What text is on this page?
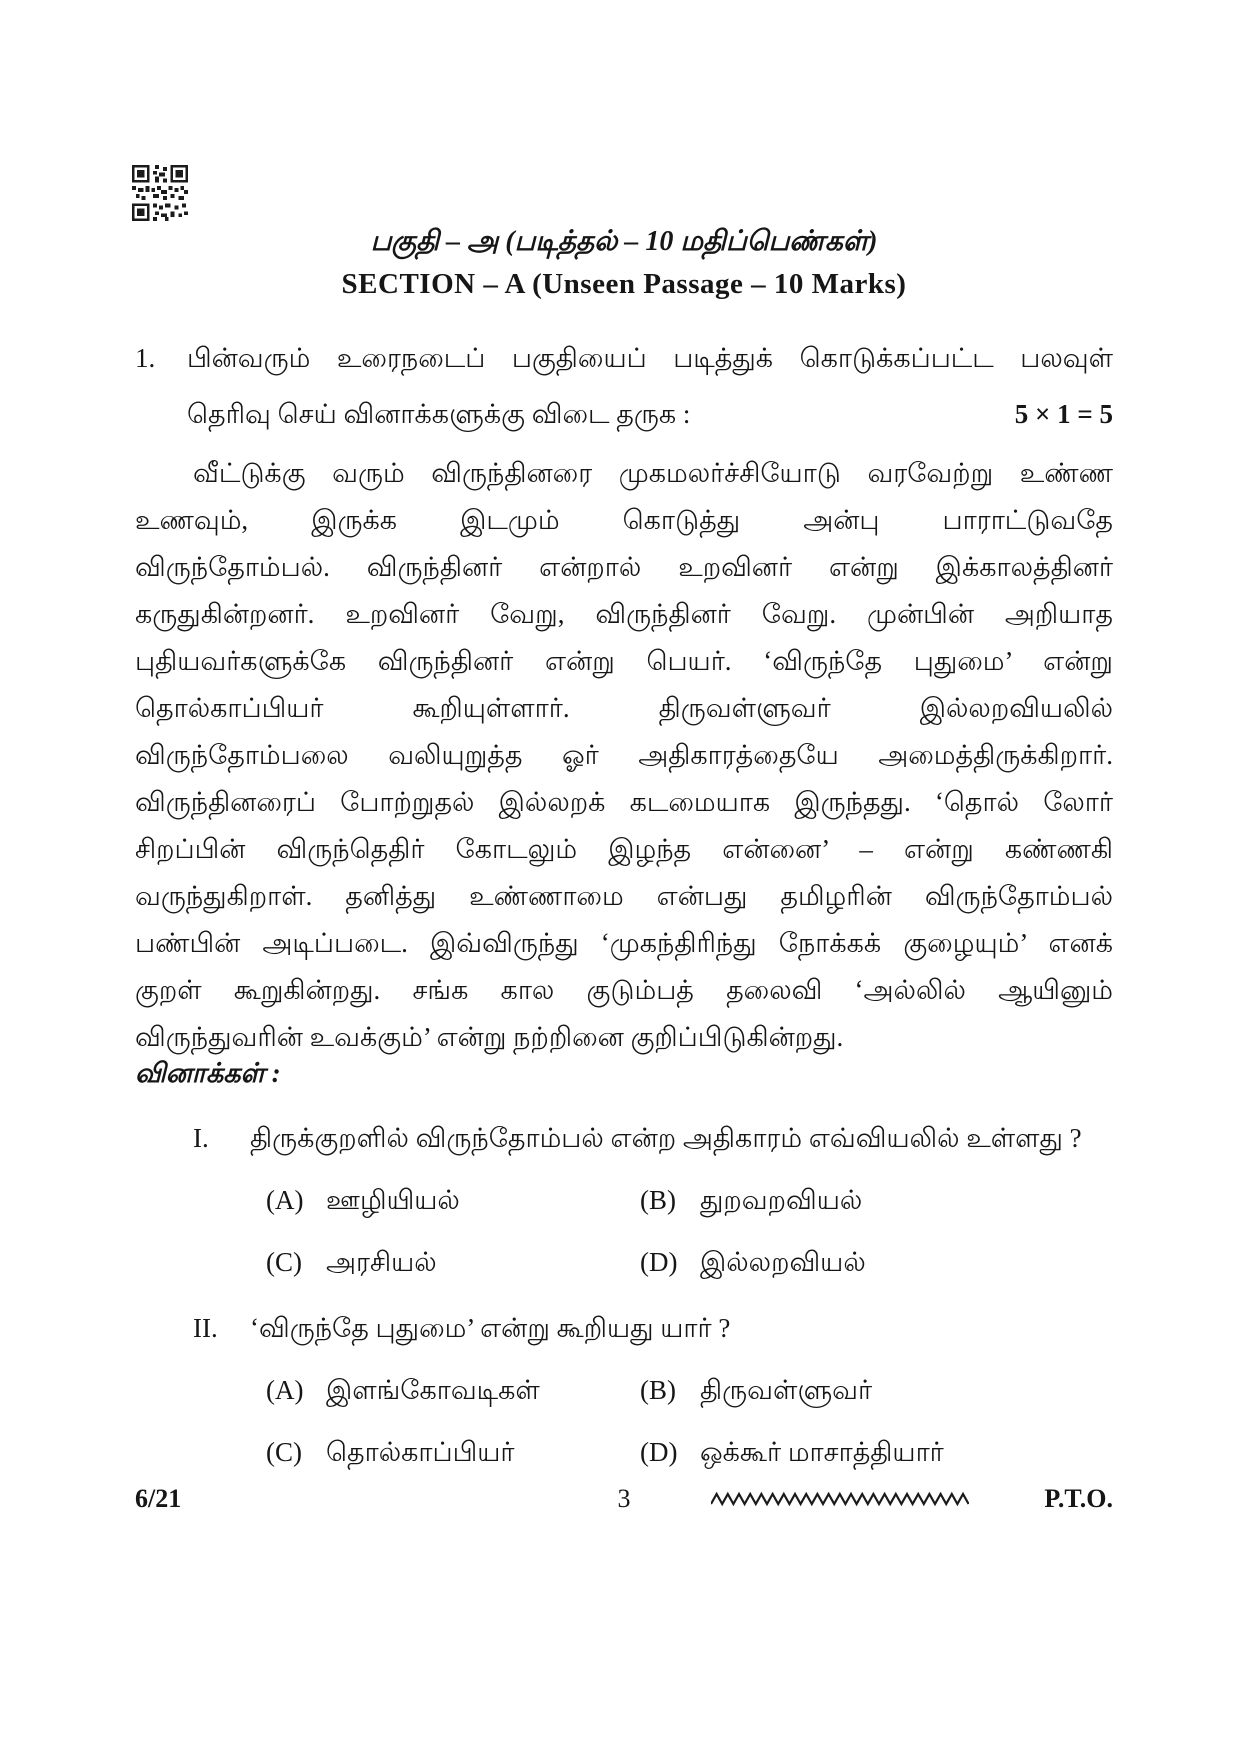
பகுதி – அ (படித்தல் – 10 மதிப்பெண்கள்)
SECTION – A (Unseen Passage – 10 Marks)
1.	பின்வரும் உரைநடைப் பகுதியைப் படித்துக் கொடுக்கப்பட்ட பலவுள்
தெரிவு செய் வினாக்களுக்கு விடை தருக :	5 × 1 = 5
வீட்டுக்கு வரும் விருந்தினரை முகமலர்ச்சியோடு வரவேற்று உண்ண
உணவும், இருக்க இடமும் கொடுத்து அன்பு பாராட்டுவதே
விருந்தோம்பல். விருந்தினர் என்றால் உறவினர் என்று இக்காலத்தினர்
கருதுகின்றனர். உறவினர் வேறு, விருந்தினர் வேறு. முன்பின் அறியாத
புதியவர்களுக்கே விருந்தினர் என்று பெயர். ‘விருந்தே புதுமை’ என்று
தொல்காப்பியர் கூறியுள்ளார். திருவள்ளுவர் இல்லறவியலில்
விருந்தோம்பலை வலியுறுத்த ஓர் அதிகாரத்தையே அமைத்திருக்கிறார்.
விருந்தினரைப் போற்றுதல் இல்லறக் கடமையாக இருந்தது. ‘தொல் லோர்
சிறப்பின் விருந்தெதிர் கோடலும் இழந்த என்னை’ – என்று கண்ணகி
வருந்துகிறாள். தனித்து உண்ணாமை என்பது தமிழரின் விருந்தோம்பல்
பண்பின் அடிப்படை. இவ்விருந்து ‘முகந்திரிந்து நோக்கக் குழையும்’ எனக்
குறள் கூறுகின்றது. சங்க கால குடும்பத் தலைவி ‘அல்லில் ஆயினும்
விருந்துவரின் உவக்கும்’ என்று நற்றினை குறிப்பிடுகின்றது.
வினாக்கள் :
I.	திருக்குறளில் விருந்தோம்பல் என்ற அதிகாரம் எவ்வியலில் உள்ளது ?
(A) ஊழியியல்	(B) துறவறவியல்
(C) அரசியல்	(D) இல்லறவியல்
II.	‘விருந்தே புதுமை’ என்று கூறியது யார் ?
(A) இளங்கோவடிகள்	(B) திருவள்ளுவர்
(C) தொல்காப்பியர்	(D) ஒக்கூர் மாசாத்தியார்
6/21	3	P.T.O.
